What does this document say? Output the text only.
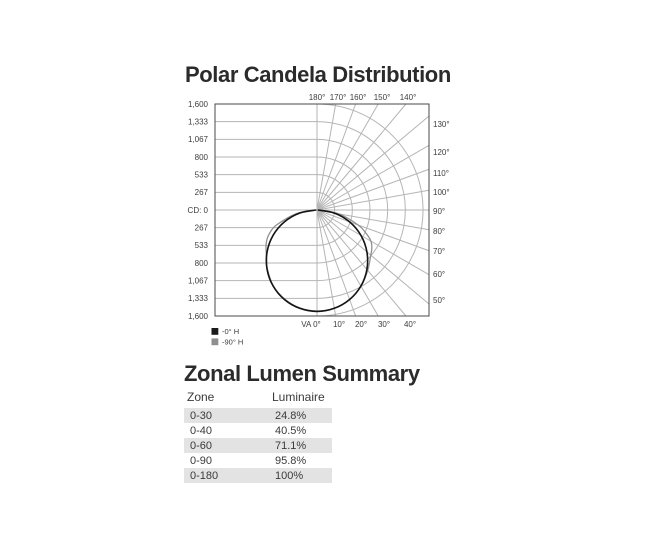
Polar Candela Distribution
1,600
1,333
1,067
800
533
267
CD: 0
267
533
800
1,067
1,333
1,600
180° 170° 160° 150° 140°
130°
120°
110°
100°
90°
80°
70°
60°
50°
VA 0° 10° 20° 30° 40°
-0° H
-90° H
Zonal Lumen Summary
Zone	Luminaire
0-30	24.8%
0-40	40.5%
0-60	71.1%
0-90	95.8%
0-180	100%
